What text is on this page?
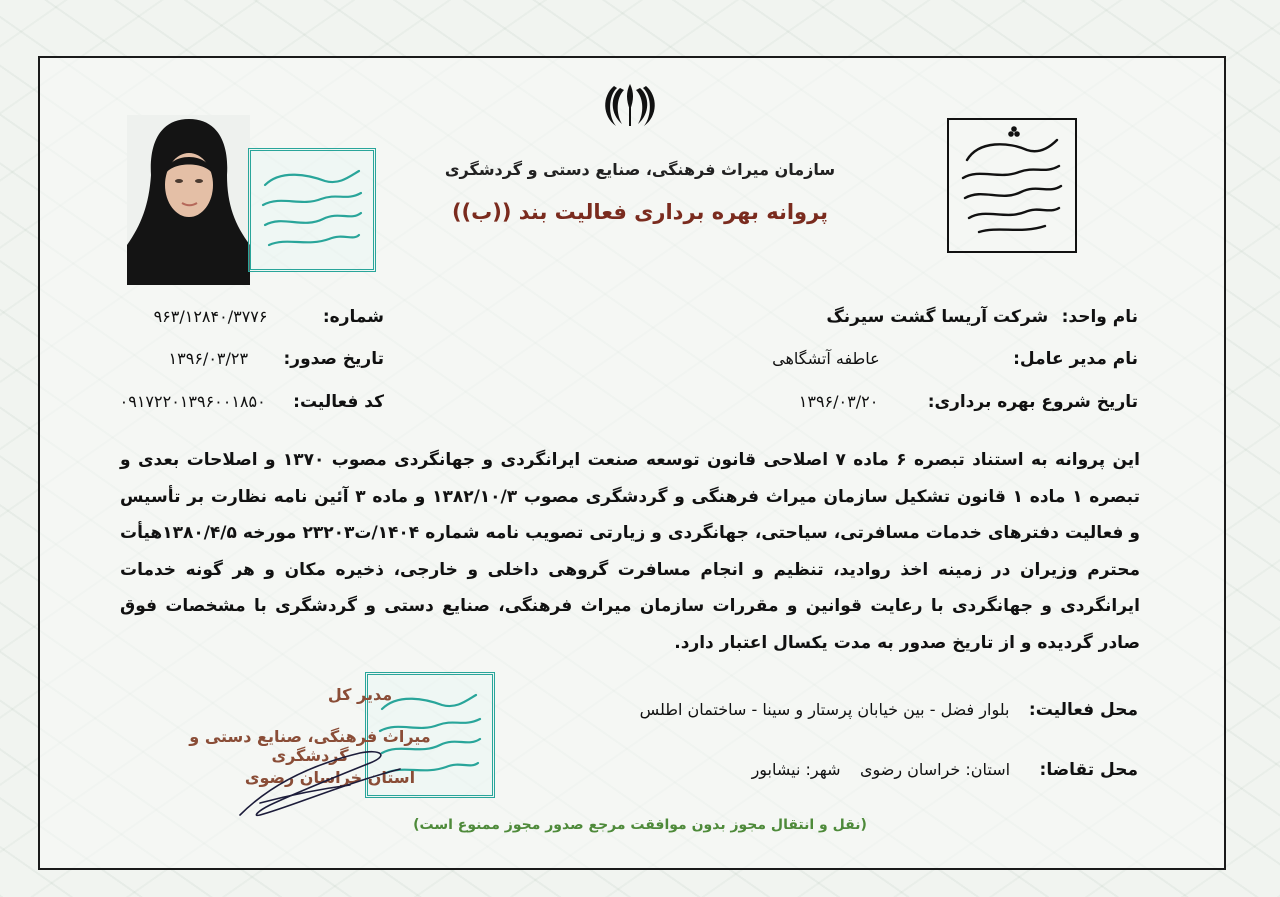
سازمان میراث فرهنگی، صنایع دستی و گردشگری
پروانه بهره برداری فعالیت بند ((ب))
نام واحد: شرکت آریسا گشت سیرنگ
نام مدیر عامل: عاطفه آتشگاهی
تاریخ شروع بهره برداری: ۱۳۹۶/۰۳/۲۰
شماره: ۹۶۳/۱۲۸۴۰/۳۷۷۶
تاریخ صدور: ۱۳۹۶/۰۳/۲۳
کد فعالیت: ۰۹۱۷۲۲۰۱۳۹۶۰۰۱۸۵۰
این پروانه به استناد تبصره ۶ ماده ۷ اصلاحی قانون توسعه صنعت ایرانگردی و جهانگردی مصوب ۱۳۷۰ و اصلاحات بعدی و تبصره ۱ ماده ۱ قانون تشکیل سازمان میراث فرهنگی و گردشگری مصوب ۱۳۸۲/۱۰/۳ و ماده ۳ آئین نامه نظارت بر تأسیس و فعالیت دفترهای خدمات مسافرتی، سیاحتی، جهانگردی و زیارتی تصویب نامه شماره ۱۴۰۴/ت۲۳۲۰۳ مورخه ۱۳۸۰/۴/۵هیأت محترم وزیران در زمینه اخذ روادید، تنظیم و انجام مسافرت گروهی داخلی و خارجی، ذخیره مکان و هر گونه خدمات ایرانگردی و جهانگردی با رعایت قوانین و مقررات سازمان میراث فرهنگی، صنایع دستی و گردشگری با مشخصات فوق صادر گردیده و از تاریخ صدور به مدت یکسال اعتبار دارد.
محل فعالیت: بلوار فضل - بین خیابان پرستار و سینا - ساختمان اطلس
محل تقاضا: استان: خراسان رضوی شهر: نیشابور
مدیر کل
میراث فرهنگی، صنایع دستی و گردشگری
استان خراسان رضوی
(نقل و انتقال مجوز بدون موافقت مرجع صدور مجوز ممنوع است)
